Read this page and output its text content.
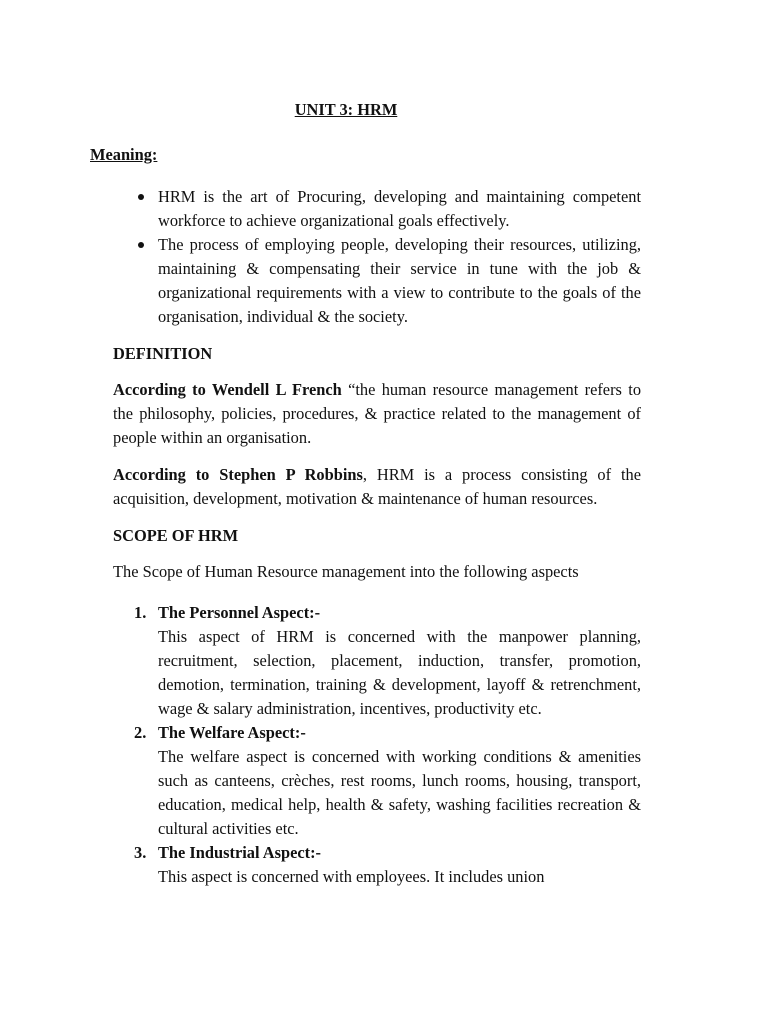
UNIT 3: HRM
Meaning:
HRM is the art of Procuring, developing and maintaining competent workforce to achieve organizational goals effectively.
The process of employing people, developing their resources, utilizing, maintaining & compensating their service in tune with the job & organizational requirements with a view to contribute to the goals of the organisation, individual & the society.
DEFINITION
According to Wendell L French “the human resource management refers to the philosophy, policies, procedures, & practice related to the management of people within an organisation.
According to Stephen P Robbins, HRM is a process consisting of the acquisition, development, motivation & maintenance of human resources.
SCOPE OF HRM
The Scope of Human Resource management into the following aspects
1. The Personnel Aspect:-
This aspect of HRM is concerned with the manpower planning, recruitment, selection, placement, induction, transfer, promotion, demotion, termination, training & development, layoff & retrenchment, wage & salary administration, incentives, productivity etc.
2. The Welfare Aspect:-
The welfare aspect is concerned with working conditions & amenities such as canteens, crèches, rest rooms, lunch rooms, housing, transport, education, medical help, health & safety, washing facilities recreation & cultural activities etc.
3. The Industrial Aspect:-
This aspect is concerned with employees. It includes union
